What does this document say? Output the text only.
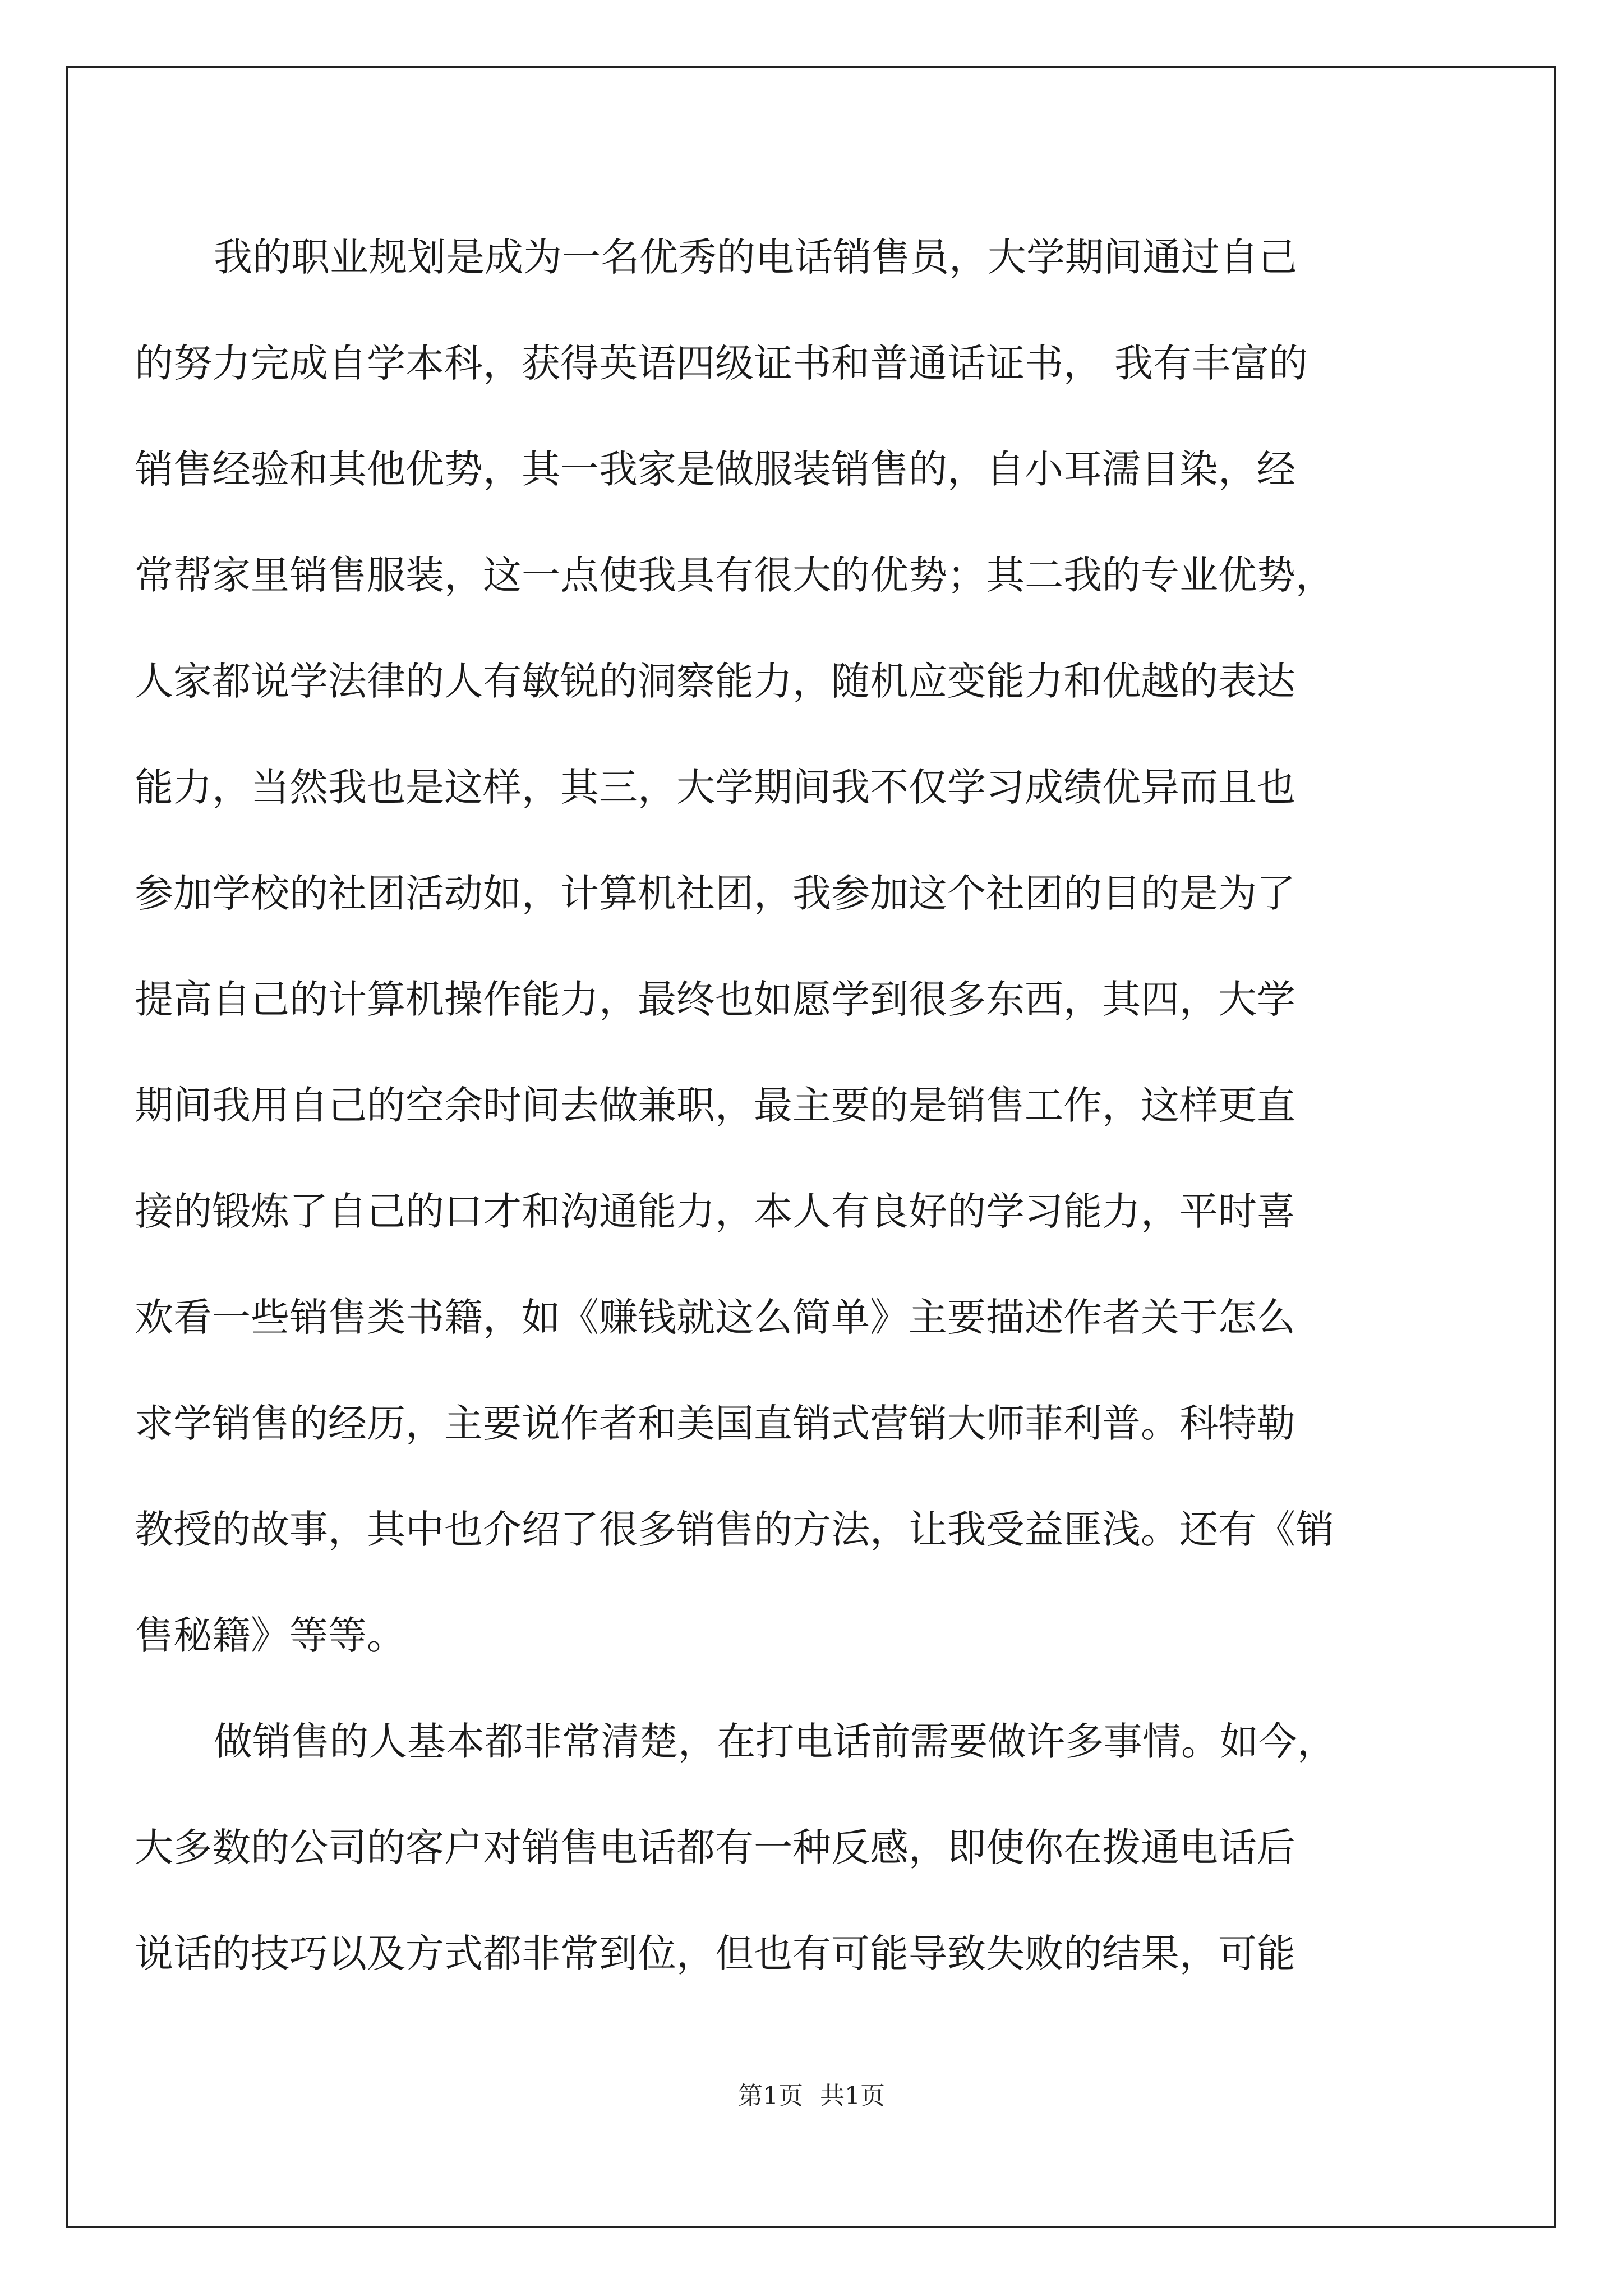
我的职业规划是成为一名优秀的电话销售员，大学期间通过自己
的努力完成自学本科，获得英语四级证书和普通话证书， 我有丰富的
销售经验和其他优势，其一我家是做服装销售的，自小耳濡目染，经
常帮家里销售服装，这一点使我具有很大的优势；其二我的专业优势，
人家都说学法律的人有敏锐的洞察能力，随机应变能力和优越的表达
能力，当然我也是这样，其三，大学期间我不仅学习成绩优异而且也
参加学校的社团活动如，计算机社团，我参加这个社团的目的是为了
提高自己的计算机操作能力，最终也如愿学到很多东西，其四，大学
期间我用自己的空余时间去做兼职，最主要的是销售工作，这样更直
接的锻炼了自己的口才和沟通能力，本人有良好的学习能力，平时喜
欢看一些销售类书籍，如《赚钱就这么简单》主要描述作者关于怎么
求学销售的经历，主要说作者和美国直销式营销大师菲利普。科特勒
教授的故事，其中也介绍了很多销售的方法，让我受益匪浅。还有《销
售秘籍》等等。

做销售的人基本都非常清楚，在打电话前需要做许多事情。如今，
大多数的公司的客户对销售电话都有一种反感，即使你在拨通电话后
说话的技巧以及方式都非常到位，但也有可能导致失败的结果，可能

第1页 共1页
